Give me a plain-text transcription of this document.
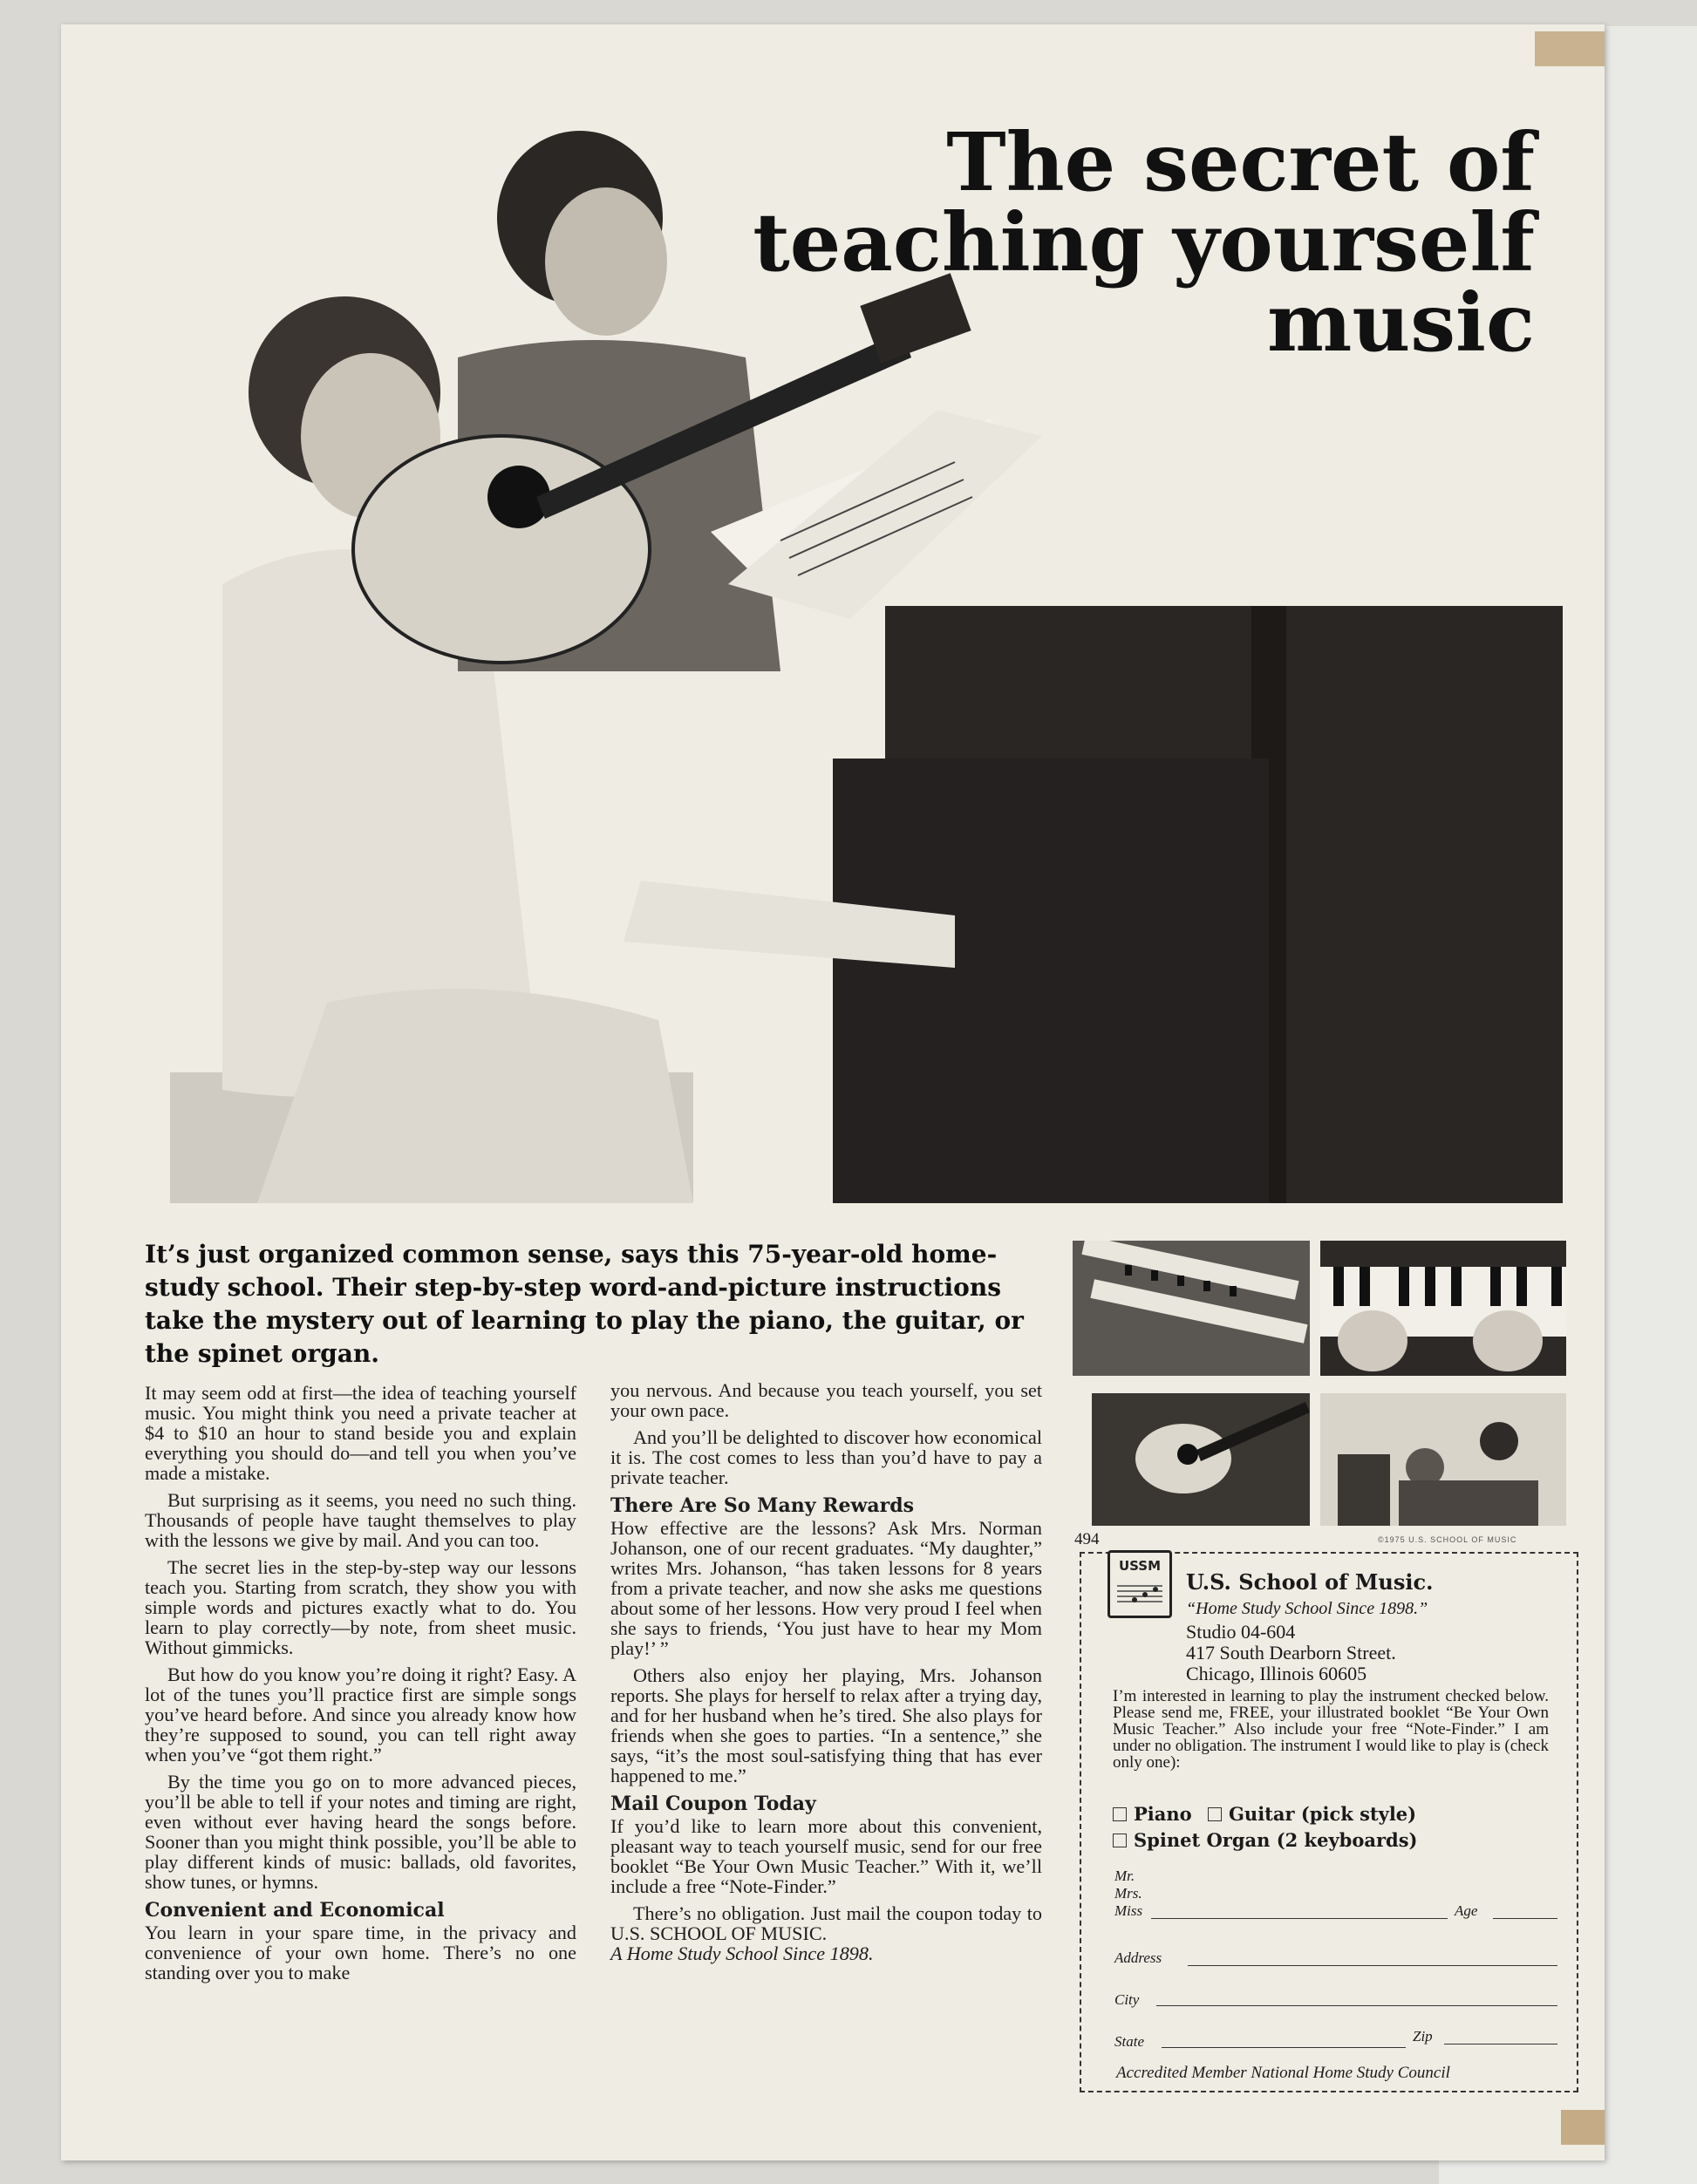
The secret of
teaching yourself
music
It’s just organized common sense, says this 75-year-old home-study school. Their step-by-step word-and-picture instructions take the mystery out of learning to play the piano, the guitar, or the spinet organ.

It may seem odd at first—the idea of teaching yourself music. You might think you need a private teacher at $4 to $10 an hour to stand beside you and explain everything you should do—and tell you when you’ve made a mistake.

But surprising as it seems, you need no such thing. Thousands of people have taught themselves to play with the lessons we give by mail. And you can too.

The secret lies in the step-by-step way our lessons teach you. Starting from scratch, they show you with simple words and pictures exactly what to do. You learn to play correctly—by note, from sheet music. Without gimmicks.

But how do you know you’re doing it right? Easy. A lot of the tunes you’ll practice first are simple songs you’ve heard before. And since you already know how they’re supposed to sound, you can tell right away when you’ve “got them right.”

By the time you go on to more advanced pieces, you’ll be able to tell if your notes and timing are right, even without ever having heard the songs before. Sooner than you might think possible, you’ll be able to play different kinds of music: ballads, old favorites, show tunes, or hymns.

Convenient and Economical

You learn in your spare time, in the privacy and convenience of your own home. There’s no one standing over you to make

you nervous. And because you teach yourself, you set your own pace.

And you’ll be delighted to discover how economical it is. The cost comes to less than you’d have to pay a private teacher.

There Are So Many Rewards

How effective are the lessons? Ask Mrs. Norman Johanson, one of our recent graduates. “My daughter,” writes Mrs. Johanson, “has taken lessons for 8 years from a private teacher, and now she asks me questions about some of her lessons. How very proud I feel when she says to friends, ‘You just have to hear my Mom play!’ ”

Others also enjoy her playing, Mrs. Johanson reports. She plays for herself to relax after a trying day, and for her husband when he’s tired. She also plays for friends when she goes to parties. “In a sentence,” she says, “it’s the most soul-satisfying thing that has ever happened to me.”

Mail Coupon Today

If you’d like to learn more about this convenient, pleasant way to teach yourself music, send for our free booklet “Be Your Own Music Teacher.” With it, we’ll include a free “Note-Finder.”

There’s no obligation. Just mail the coupon today to U.S. SCHOOL OF MUSIC.

A Home Study School Since 1898.

494	©1975 U.S. SCHOOL OF MUSIC
USSM
U.S. School of Music.
“Home Study School Since 1898.”
Studio 04-604
417 South Dearborn Street.
Chicago, Illinois 60605
I’m interested in learning to play the instrument checked below. Please send me, FREE, your illustrated booklet “Be Your Own Music Teacher.” Also include your free “Note-Finder.” I am under no obligation. The instrument I would like to play is (check only one):
Piano	Guitar (pick style)
Spinet Organ (2 keyboards)
Mr.
Mrs.
Miss	Age
Address
City
State	Zip
Accredited Member National Home Study Council
